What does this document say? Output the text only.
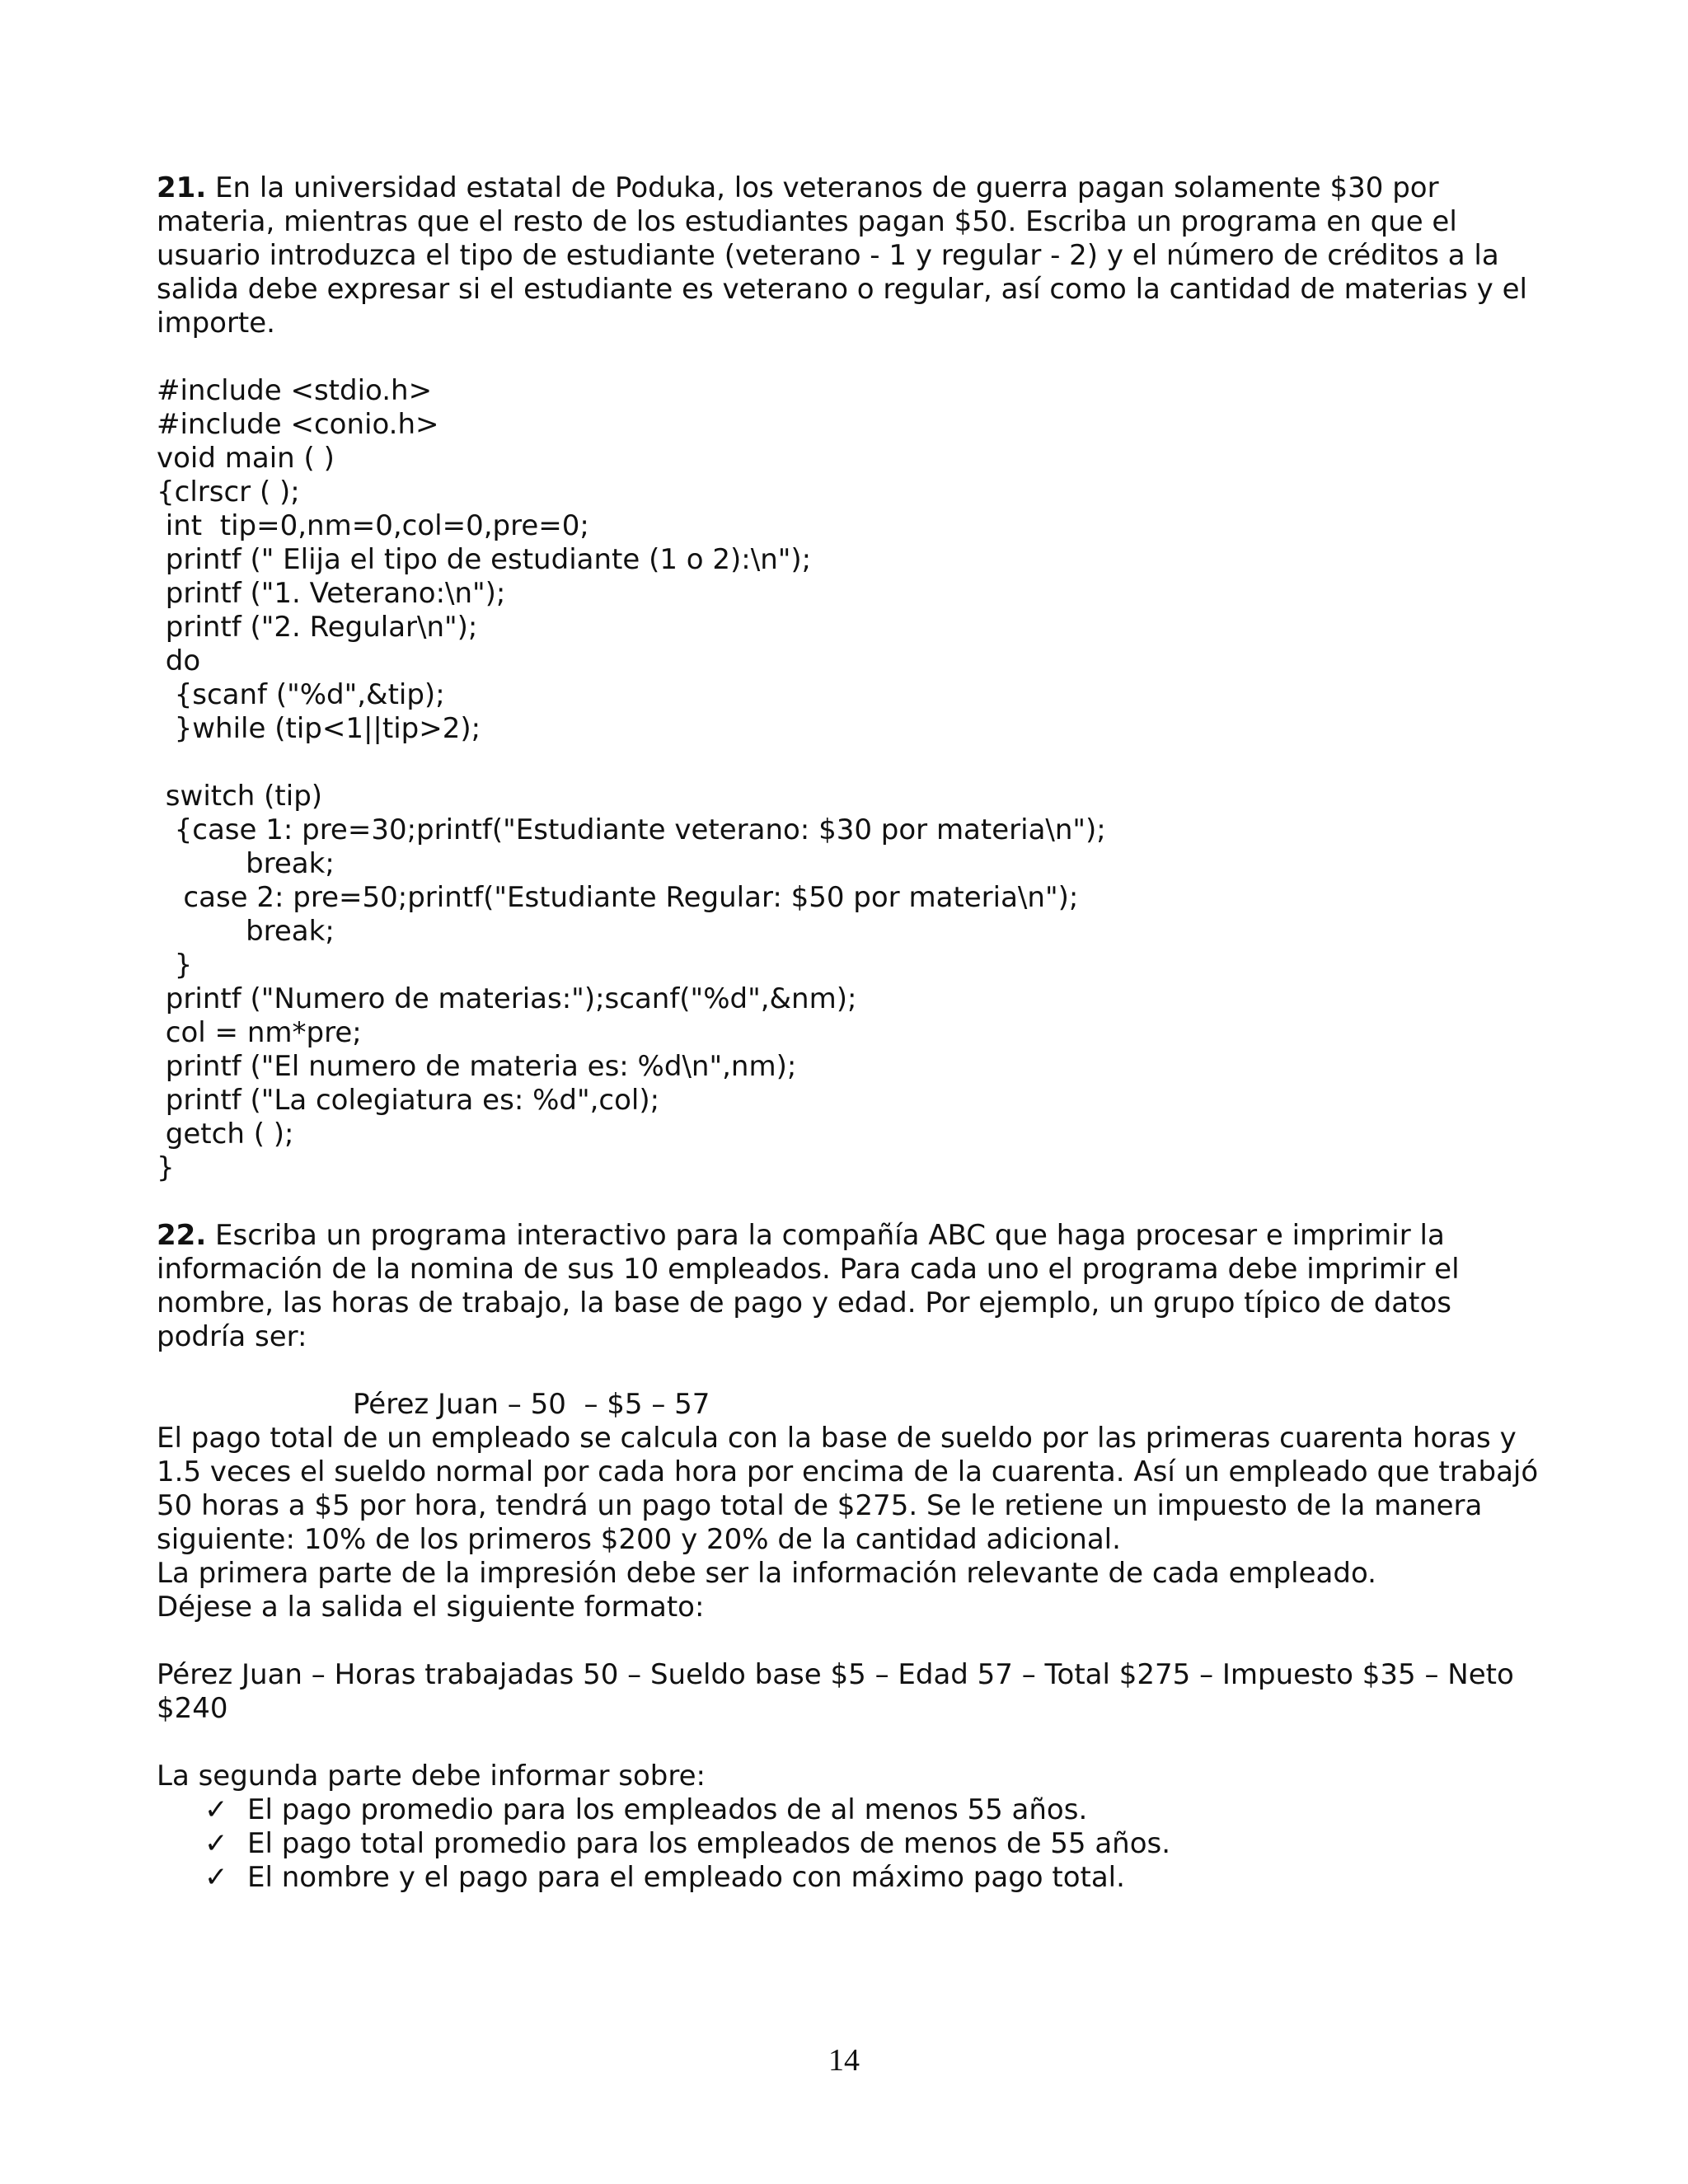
21. En la universidad estatal de Poduka, los veteranos de guerra pagan solamente $30 por materia, mientras que el resto de los estudiantes pagan $50. Escriba un programa en que el usuario introduzca el tipo de estudiante (veterano - 1 y regular - 2) y el número de créditos a la salida debe expresar si el estudiante es veterano o regular, así como la cantidad de materias y el importe.

#include <stdio.h>
#include <conio.h>
void main ( )
{clrscr ( );
int  tip=0,nm=0,col=0,pre=0;
printf (" Elija el tipo de estudiante (1 o 2):\n");
printf ("1. Veterano:\n");
printf ("2. Regular\n");
do
{scanf ("%d",&tip);
}while (tip<1||tip>2);
switch (tip)
{case 1: pre=30;printf("Estudiante veterano: $30 por materia\n");
break;
case 2: pre=50;printf("Estudiante Regular: $50 por materia\n");
break;
}
printf ("Numero de materias:");scanf("%d",&nm);
col = nm*pre;
printf ("El numero de materia es: %d\n",nm);
printf ("La colegiatura es: %d",col);
getch ( );
}

22. Escriba un programa interactivo para la compañía ABC que haga procesar e imprimir la información de la nomina de sus 10 empleados. Para cada uno el programa debe imprimir el nombre, las horas de trabajo, la base de pago y edad. Por ejemplo, un grupo típico de datos podría ser:

Pérez Juan – 50  – $5 – 57

El pago total de un empleado se calcula con la base de sueldo por las primeras cuarenta horas y 1.5 veces el sueldo normal por cada hora por encima de la cuarenta. Así un empleado que trabajó 50 horas a $5 por hora, tendrá un pago total de $275. Se le retiene un impuesto de la manera siguiente: 10% de los primeros $200 y 20% de la cantidad adicional.

La primera parte de la impresión debe ser la información relevante de cada empleado.

Déjese a la salida el siguiente formato:

Pérez Juan – Horas trabajadas 50 – Sueldo base $5 – Edad 57 – Total $275 – Impuesto $35 – Neto $240

La segunda parte debe informar sobre:

✓ El pago promedio para los empleados de al menos 55 años.
✓ El pago total promedio para los empleados de menos de 55 años.
✓ El nombre y el pago para el empleado con máximo pago total.
14
